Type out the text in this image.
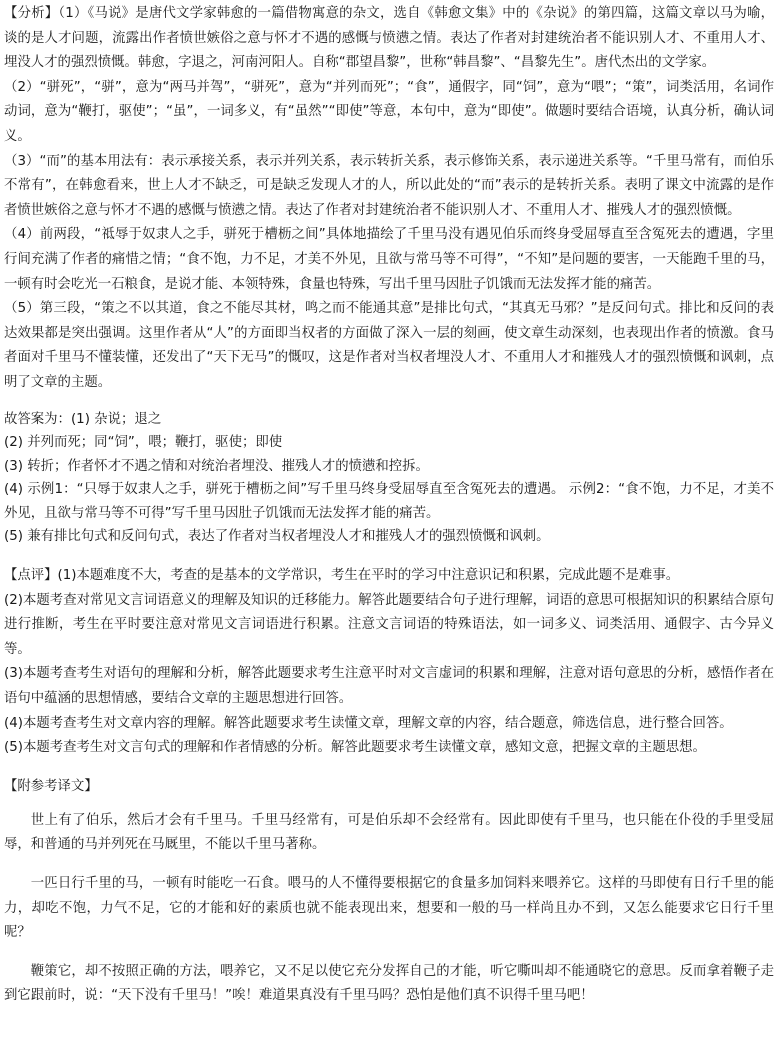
【分析】（1）《马说》是唐代文学家韩愈的一篇借物寓意的杂文，选自《韩愈文集》中的《杂说》的第四篇，这篇文章以马为喻，谈的是人才问题，流露出作者愤世嫉俗之意与怀才不遇的感慨与愤懑之情。表达了作者对封建统治者不能识别人才、不重用人才、埋没人才的强烈愤慨。韩愈，字退之，河南河阳人。自称“郡望昌黎”，世称“韩昌黎”、“昌黎先生”。唐代杰出的文学家。

（2）“骈死”，“骈”，意为“两马并驾”，“骈死”，意为“并列而死”；“食”，通假字，同“饲”，意为“喂”；“策”，词类活用，名词作动词，意为“鞭打，驱使”；“虽”，一词多义，有“虽然”“即使”等意，本句中，意为“即使”。做题时要结合语境，认真分析，确认词义。

（3）“而”的基本用法有：表示承接关系，表示并列关系，表示转折关系，表示修饰关系，表示递进关系等。“千里马常有，而伯乐不常有”，在韩愈看来，世上人才不缺乏，可是缺乏发现人才的人，所以此处的“而”表示的是转折关系。表明了课文中流露的是作者愤世嫉俗之意与怀才不遇的感慨与愤懑之情。表达了作者对封建统治者不能识别人才、不重用人才、摧残人才的强烈愤慨。

（4）前两段，“祗辱于奴隶人之手，骈死于槽枥之间”具体地描绘了千里马没有遇见伯乐而终身受屈辱直至含冤死去的遭遇，字里行间充满了作者的痛惜之情；“食不饱，力不足，才美不外见，且欲与常马等不可得”，“不知”是问题的要害，一天能跑千里的马，一顿有时会吃光一石粮食，是说才能、本领特殊，食量也特殊，写出千里马因肚子饥饿而无法发挥才能的痛苦。

（5）第三段，“策之不以其道，食之不能尽其材，鸣之而不能通其意”是排比句式，“其真无马邪？”是反问句式。排比和反问的表达效果都是突出强调。这里作者从“人”的方面即当权者的方面做了深入一层的刻画，使文章生动深刻，也表现出作者的愤激。食马者面对千里马不懂装懂，还发出了“天下无马”的慨叹，这是作者对当权者埋没人才、不重用人才和摧残人才的强烈愤慨和讽刺，点明了文章的主题。

故答案为：(1) 杂说；退之

(2) 并列而死；同“饲”，喂；鞭打，驱使；即使

(3) 转折；作者怀才不遇之情和对统治者埋没、摧残人才的愤懑和控拆。

(4) 示例1：“只辱于奴隶人之手，骈死于槽枥之间”写千里马终身受屈辱直至含冤死去的遭遇。 示例2：“食不饱，力不足，才美不外见，且欲与常马等不可得”写千里马因肚子饥饿而无法发挥才能的痛苦。

(5) 兼有排比句式和反问句式，表达了作者对当权者埋没人才和摧残人才的强烈愤慨和讽刺。

【点评】(1)本题难度不大，考查的是基本的文学常识，考生在平时的学习中注意识记和积累，完成此题不是难事。

(2)本题考查对常见文言词语意义的理解及知识的迁移能力。解答此题要结合句子进行理解，词语的意思可根据知识的积累结合原句进行推断，考生在平时要注意对常见文言词语进行积累。注意文言词语的特殊语法，如一词多义、词类活用、通假字、古今异义等。

(3)本题考查考生对语句的理解和分析，解答此题要求考生注意平时对文言虚词的积累和理解，注意对语句意思的分析，感悟作者在语句中蕴涵的思想情感，要结合文章的主题思想进行回答。

(4)本题考查考生对文章内容的理解。解答此题要求考生读懂文章，理解文章的内容，结合题意，筛选信息，进行整合回答。

(5)本题考查考生对文言句式的理解和作者情感的分析。解答此题要求考生读懂文章，感知文意，把握文章的主题思想。

【附参考译文】

世上有了伯乐，然后才会有千里马。千里马经常有，可是伯乐却不会经常有。因此即使有千里马，也只能在仆役的手里受屈辱，和普通的马并列死在马厩里，不能以千里马著称。

一匹日行千里的马，一顿有时能吃一石食。喂马的人不懂得要根据它的食量多加饲料来喂养它。这样的马即使有日行千里的能力，却吃不饱，力气不足，它的才能和好的素质也就不能表现出来，想要和一般的马一样尚且办不到，又怎么能要求它日行千里呢？

鞭策它，却不按照正确的方法，喂养它，又不足以使它充分发挥自己的才能，听它嘶叫却不能通晓它的意思。反而拿着鞭子走到它跟前时，说：“天下没有千里马！”唉！难道果真没有千里马吗？恐怕是他们真不识得千里马吧！
